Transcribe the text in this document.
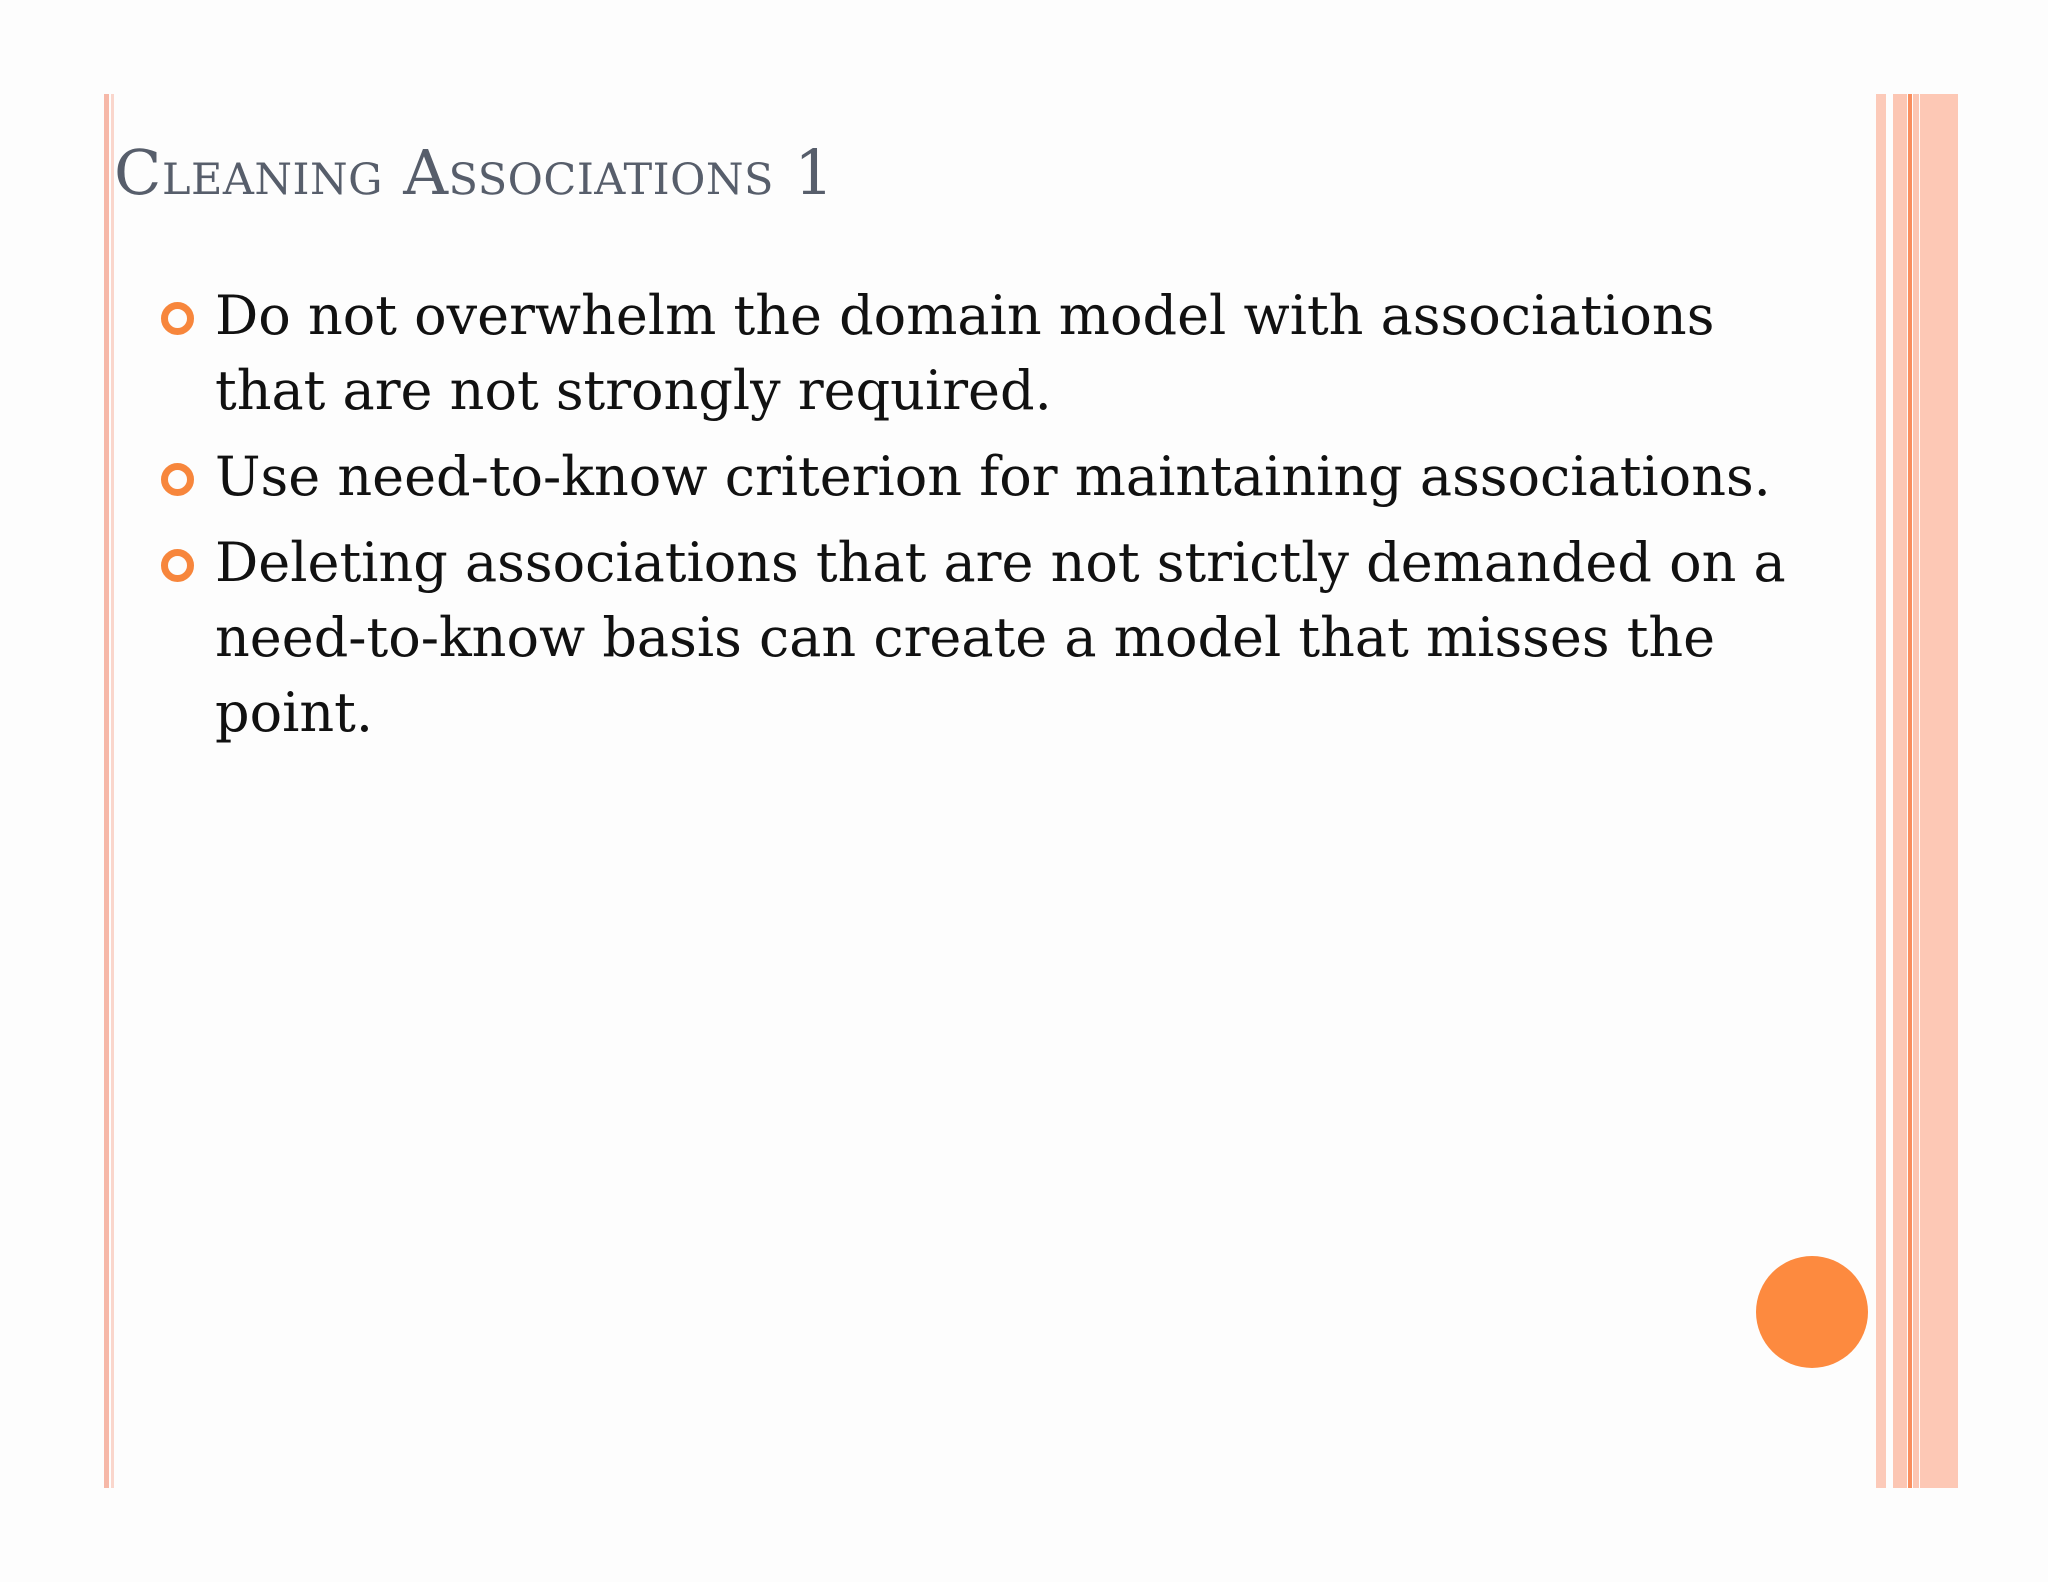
Cleaning Associations 1
Do not overwhelm the domain model with associations that are not strongly required.
Use need-to-know criterion for maintaining associations.
Deleting associations that are not strictly demanded on a need-to-know basis can create a model that misses the point.
